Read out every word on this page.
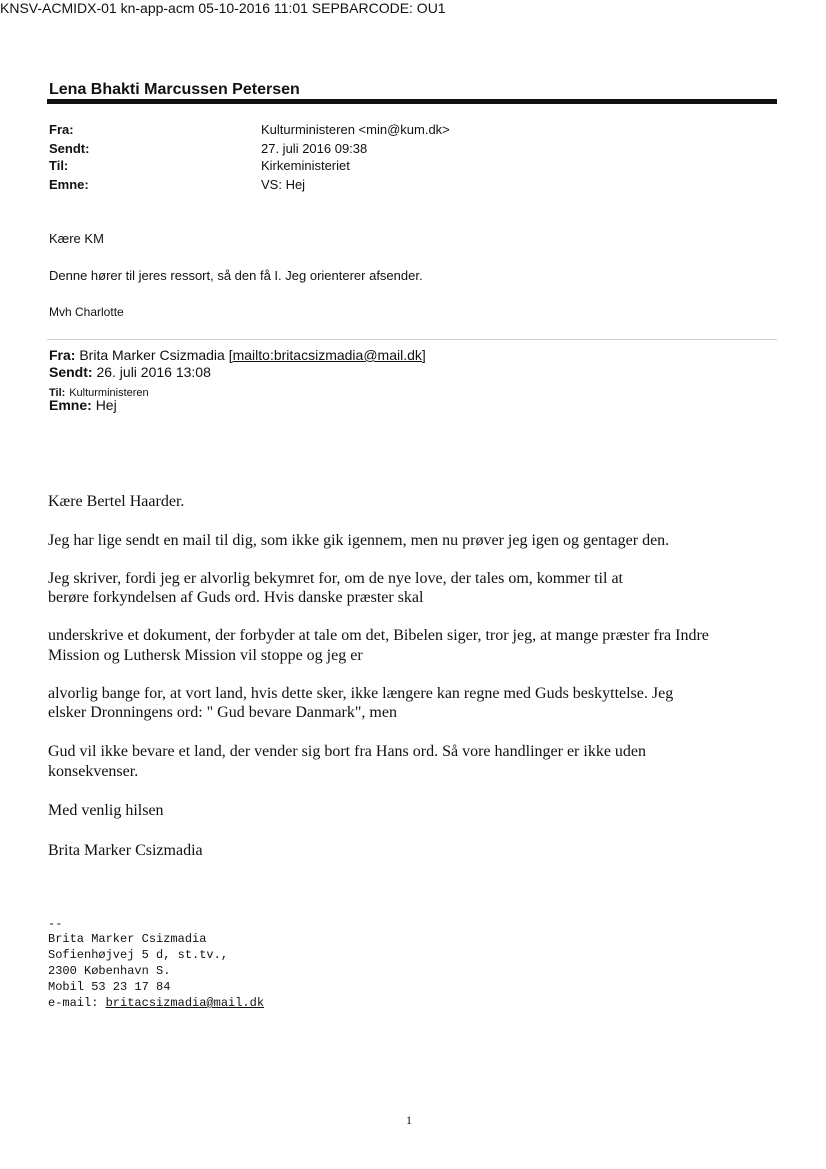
KNSV-ACMIDX-01 kn-app-acm 05-10-2016 11:01 SEPBARCODE: OU1
Lena Bhakti Marcussen Petersen
Fra:	Kulturministeren <min@kum.dk>
Sendt:	27. juli 2016 09:38
Til:	Kirkeministeriet
Emne:	VS: Hej
Kære KM
Denne hører til jeres ressort, så den få I. Jeg orienterer afsender.
Mvh Charlotte
Fra: Brita Marker Csizmadia [mailto:britacsizmadia@mail.dk]
Sendt: 26. juli 2016 13:08
Til: Kulturministeren
Emne: Hej
Kære Bertel Haarder.
Jeg har lige sendt en mail til dig, som ikke gik igennem, men nu prøver jeg igen og gentager den.
Jeg skriver, fordi jeg er alvorlig bekymret for, om de nye love, der tales om, kommer til at
berøre forkyndelsen af Guds ord. Hvis danske præster skal
underskrive et dokument, der forbyder at tale om det, Bibelen siger, tror jeg, at mange præster fra Indre
Mission og Luthersk Mission vil stoppe og jeg er
alvorlig bange for, at vort land, hvis dette sker, ikke længere kan regne med Guds beskyttelse. Jeg
elsker Dronningens ord: " Gud bevare Danmark", men
Gud vil ikke bevare et land, der vender sig bort fra Hans ord. Så vore handlinger er ikke uden
konsekvenser.
Med venlig hilsen
Brita Marker Csizmadia
--
Brita Marker Csizmadia
Sofienhøjvej 5 d, st.tv.,
2300 København S.
Mobil 53 23 17 84
e-mail: britacsizmadia@mail.dk
1
